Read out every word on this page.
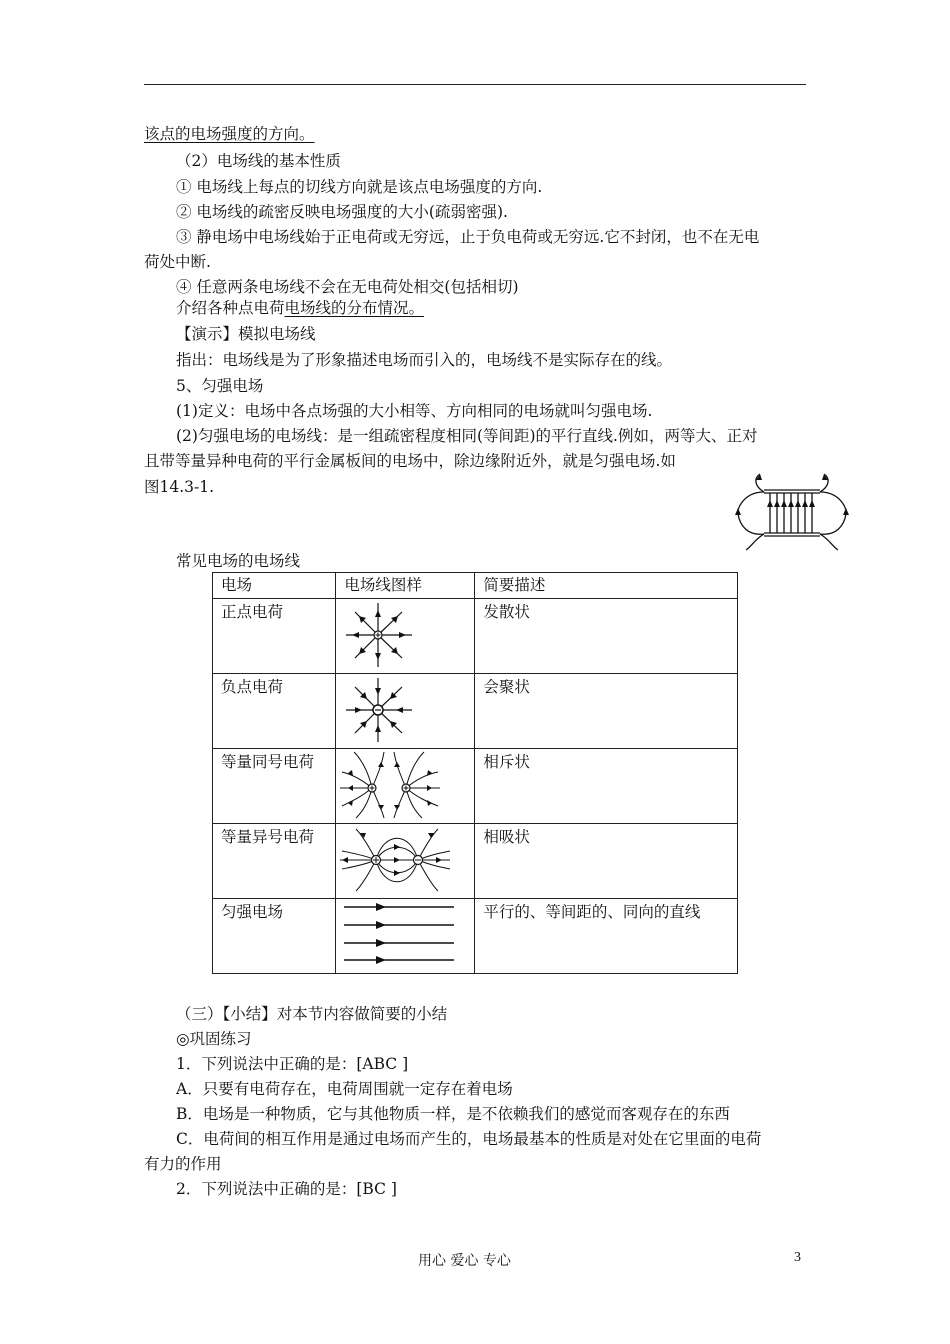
该点的电场强度的方向。
（2）电场线的基本性质
① 电场线上每点的切线方向就是该点电场强度的方向.
② 电场线的疏密反映电场强度的大小(疏弱密强).
③ 静电场中电场线始于正电荷或无穷远，止于负电荷或无穷远.它不封闭，也不在无电
荷处中断.
④ 任意两条电场线不会在无电荷处相交(包括相切)
介绍各种点电荷电场线的分布情况。
【演示】模拟电场线
指出：电场线是为了形象描述电场而引入的，电场线不是实际存在的线。
5、匀强电场
(1)定义：电场中各点场强的大小相等、方向相同的电场就叫匀强电场.
(2)匀强电场的电场线：是一组疏密程度相同(等间距)的平行直线.例如，两等大、正对
且带等量异种电荷的平行金属板间的电场中，除边缘附近外，就是匀强电场.如
图14.3-1.
常见电场的电场线
电场	电场线图样	简要描述

正点电荷		发散状

负点电荷		会聚状

等量同号电荷		相斥状

等量异号电荷		相吸状

匀强电场		平行的、等间距的、同向的直线
（三）【小结】对本节内容做简要的小结
◎巩固练习
1．下列说法中正确的是：[ABC ]
A．只要有电荷存在，电荷周围就一定存在着电场
B．电场是一种物质，它与其他物质一样，是不依赖我们的感觉而客观存在的东西
C．电荷间的相互作用是通过电场而产生的，电场最基本的性质是对处在它里面的电荷
有力的作用
2．下列说法中正确的是：[BC ]
用心 爱心 专心	3
